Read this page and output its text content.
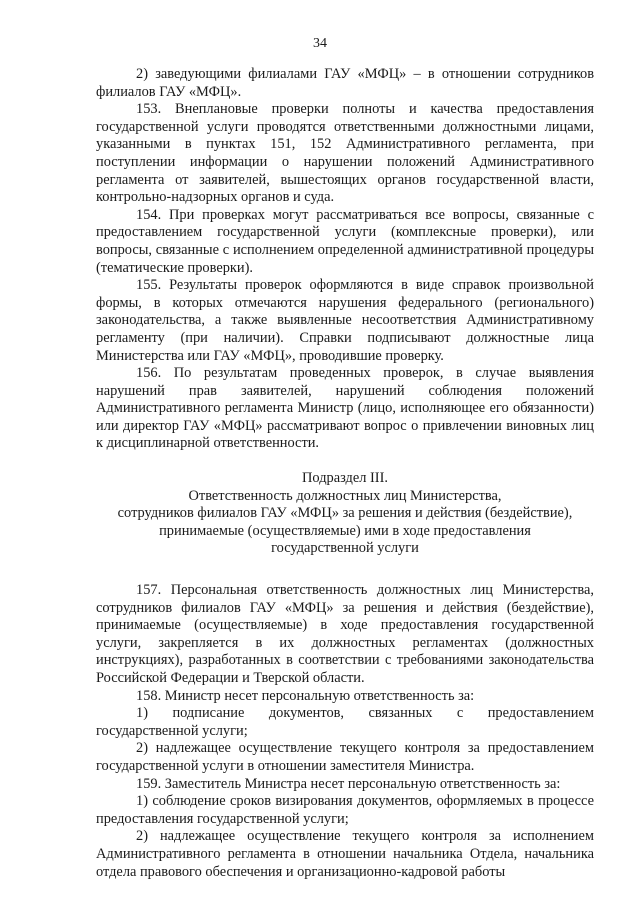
34

2) заведующими филиалами ГАУ «МФЦ» – в отношении сотрудников филиалов ГАУ «МФЦ».

153. Внеплановые проверки полноты и качества предоставления государственной услуги проводятся ответственными должностными лицами, указанными в пунктах 151, 152 Административного регламента, при поступлении информации о нарушении положений Административного регламента от заявителей, вышестоящих органов государственной власти, контрольно-надзорных органов и суда.

154. При проверках могут рассматриваться все вопросы, связанные с предоставлением государственной услуги (комплексные проверки), или вопросы, связанные с исполнением определенной административной процедуры (тематические проверки).

155. Результаты проверок оформляются в виде справок произвольной формы, в которых отмечаются нарушения федерального (регионального) законодательства, а также выявленные несоответствия Административному регламенту (при наличии). Справки подписывают должностные лица Министерства или ГАУ «МФЦ», проводившие проверку.

156. По результатам проведенных проверок, в случае выявления нарушений прав заявителей, нарушений соблюдения положений Административного регламента Министр (лицо, исполняющее его обязанности) или директор ГАУ «МФЦ» рассматривают вопрос о привлечении виновных лиц к дисциплинарной ответственности.

Подраздел III.
Ответственность должностных лиц Министерства,
сотрудников филиалов ГАУ «МФЦ» за решения и действия (бездействие),
принимаемые (осуществляемые) ими в ходе предоставления
государственной услуги

157. Персональная ответственность должностных лиц Министерства, сотрудников филиалов ГАУ «МФЦ» за решения и действия (бездействие), принимаемые (осуществляемые) в ходе предоставления государственной услуги, закрепляется в их должностных регламентах (должностных инструкциях), разработанных в соответствии с требованиями законодательства Российской Федерации и Тверской области.

158. Министр несет персональную ответственность за:

1) подписание документов, связанных с предоставлением государственной услуги;

2) надлежащее осуществление текущего контроля за предоставлением государственной услуги в отношении заместителя Министра.

159. Заместитель Министра несет персональную ответственность за:

1) соблюдение сроков визирования документов, оформляемых в процессе предоставления государственной услуги;

2) надлежащее осуществление текущего контроля за исполнением Административного регламента в отношении начальника Отдела, начальника отдела правового обеспечения и организационно-кадровой работы
